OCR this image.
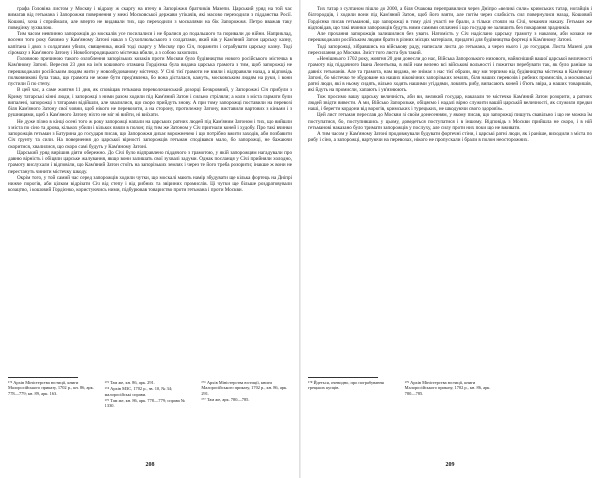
графа Головіна листом у Москву і відразу ж скаргу на втечу в Запоріжжя братчиків Мазепи. Царський уряд на той час вимагав від гетьмана і Запорожжя повернення у межі Московської держави утікачів, які масово переходили з підданства Росії. Кошові, хоча і сприймали, але вперто не видавали тих, що переходили з москалями на бік Запорожжя. Петро вважав таку поведінку зухвалою.

Тим часом невпинно запорожців до москалів усе посилалися і не бралися до подальшого та поривали до війни. Наприклад, восени того року бачимо у Кам'яному Затоні наказ з Сухоплюльського з солдатами, який вів у Кам'яний Затон царську казну, капітана і двох з солдатами убили, священика, який тоді скаргу у Москву про Січ, поранити і ограбувати царську казну. Тоді сіромаху з Кам'яного Затону і Новобогородицького містечка вбили, а з собою захопили.

Головною причиною такого озлоблення запорізьких козаків проти Москви було будівництво нового російського містечка в Кам'яному Затоні. Вересня 23 дня на ім'я кошового отамана Гордієнка була видана царська грамота з тим, щоб запорожці не перешкоджали російським людям жити у новозбудованому містечку. У Січі тієї грамоти не взяли і відправили назад, а відповідь полковникові була така, що грамота не може бути пред'явлена, бо вона дісталася, кажуть, московським людям на руки, і вони пустили її по степу.

В цей час, а саме жовтня 11 дня, як сповіщав гетьмана переволочанський дозорці Безкровний, у Запорожжі Січ прибули з Криму татарські кінні люди, і запорожці з ними разом ходили під Кам'яний Затон і сильно стріляли; а коли з міста гармати були випалені, запорожці з татарами відійшли, але хвалилися, що скоро прийдуть знову. А при тому запорожці поставили на перевозі біля Кам'яного Затону свої човни, щоб нікого не перевозити, а на сторону, протилежну Затону, виставили вартових з кіньми і з рушницями, щоб з Кам'яного Затону ніхто не міг ні вийти, ні виїхати.

Не дуже пізно в кінці осені того ж року запорожці напали на царських ратних людей під Кам'яним Затоном і тих, що вийшли з міста по сіно та дрова, кількох убили і кількох взяли в полон; під тим же Затоном у Січ пригнали коней і худобу. Про такі вчинки запорожців гетьман з Батурина до государя писав, що Запорожжя дихає ворожнечею і що потрібно вжити заходів, аби позбавити Січ ґрунту та сили. На повернення до царської вірності запорожців гетьман сподівався мало, бо запорожці, не бажаючи скоритися, хвалилися, що скоро самі будуть у Кам'яному Затоні.

Царський уряд вирішив діяти обережно. До Січі було відправлено піддячого з грамотою, у якій запорожцям нагадували про давню вірність і обіцяли царське жалування, якщо вони залишать свої зухвалі задуми. Однак посланця у Січі прийняли холодно, грамоту вислухали і відповіли, що Кам'яний Затон стоїть на запорізьких землях і через те його треба розорити; інакше ж вони не перестануть чинити містечку шкоду.

Окрім того, у той самий час серед запорожців ходили чутки, що москалі мають намір збудувати ще кілька фортець на Дніпрі нижче порогів, аби цілком відрізати Січ від степу і від рибних та звіриних промислів. Ці чутки ще більше роздратовували козацтво, і кошовий Гордієнко, користуючись ними, підбурював товариство проти гетьмана і проти Москви.

¹⁷² Архів Міністерства юстиції, книги Малоросійського приказу, 1702 р., кн. 86, арк. 778—779; кн. 89, арк. 163.

¹⁷³ Там же, кн. 86, арк. 291.

¹⁷⁴ Архів МЗС, 1702 р., зв. 10, № 34; малоросійські справи.

¹⁷⁵ Там же, кн. 86, арк. 778—779; справа № 1330.

¹⁷⁶ Архів Міністерства юстиції, книги Малоросійського приказу, 1702 р., кн. 86, арк. 291.

¹⁷⁷ Там же, арк. 780—785.

208

Тих татар з султаном пішло до 2000, а біля Очакова переправилися через Дніпро «великі сили» кримських татар, ногайців і білгородців, і ходили вони під Кам'яний Затон, щоб його взяти, але потім через слабкість сил повернулися назад. Кошовий Гордієнко писав гетьманові, що запорожці в тому ділі участі не брали, а тільки стояли на Січі, чекаючи наказу. Гетьман же відповідав, що такі вчинки запорожців будуть ними самими оплачені і що государ не залишить без покарання зрадників.

Але прохання запорожців залишилися без уваги. Натомість у Січ надіслано царську грамоту з наказом, аби козаки не перешкоджали російським людям брати в різних місцях матеріали, придатні для будівництва фортеці в Кам'яному Затоні.

Тоді запорожці, зібравшись на військову раду, написали листа до гетьмана, а через нього і до государя. Листа Мазепі для пересилання до Москви. Зміст того листа був такий.

«Ненішнього 1702 року, жовтня 20 дня донесли до нас, Війська Запорозького низового, найясніший вашої царської величності грамоту від піддачного Івана Леонтьєва, в якій нам велено всі військові вольності і пожитки перебувати так, як було раніше за давніх гетьманів. Але та грамота, нам видана, не знімає з нас тієї образи, яку ми терпимо від будівництва містечка в Кам'яному Затоні, бо містечко те збудоване на наших віковічних запорізьких землях, біля наших перевозів і рибних промислів, а московські ратні люди, які в ньому сидять, вільно ходять нашими угіддями, ловлять рибу, випасають коней і б'ють звіра, а наших товаришів, які йдуть на промисли, хапають і ув'язнюють.

Тож просимо вашу царську величність, аби ви, великий государ, наказали те містечко Кам'яний Затон розорити, а ратних людей звідти вивести. А ми, Військо Запорозьке, обіцяємо і надалі вірно служити вашій царській величності, як служили предки наші, і берегти кордони від ворогів, кримських і турецьких, не шкодуючи свого здоров'я».

Цей лист гетьман переслав до Москви зі своїм донесенням, у якому писав, що запорожці пишуть свавільно і що не можна їм поступатися, бо, поступившись у цьому, доведеться поступатися і в іншому. Відповідь з Москви прийшла не скоро, і в ній гетьманові наказано було тримати запорожців у послуху, але силу проти них поки що не вживати.

А тим часом у Кам'яному Затоні продовжували будувати фортечні стіни, і царські ратні люди, як і раніше, виходили з міста по рибу і сіно, а запорожці, вартуючи на перевозах, нікого не пропускали і брали в полон неосторожних.

¹⁷⁸ Йдеться, очевидно, про пограбування грецьких купців.

¹⁷⁹ Архів Міністерства юстиції, книги Малоросійського приказу, 1702 р., кн. 86, арк. 780—785.

209
